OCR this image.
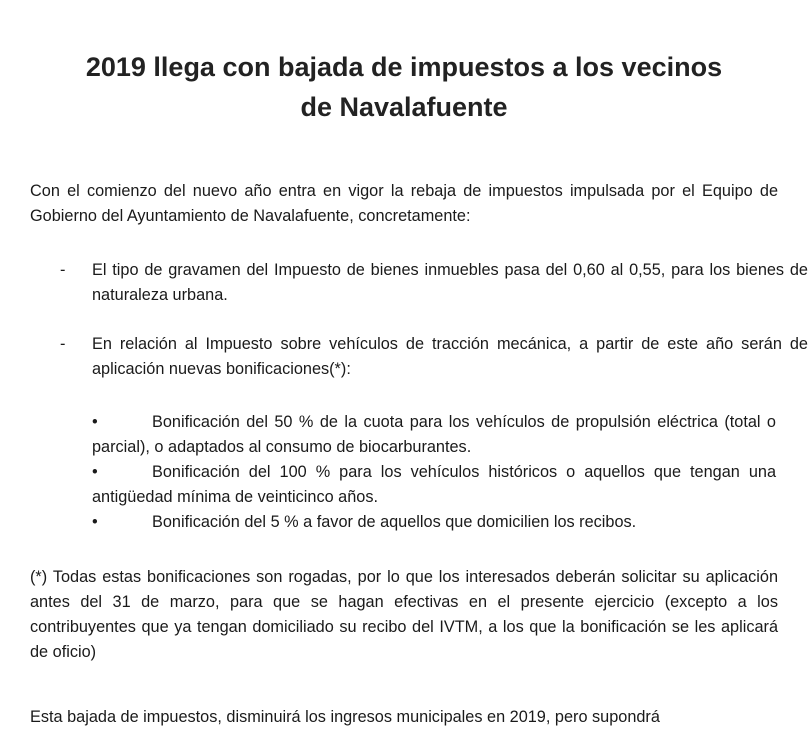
2019 llega con bajada de impuestos a los vecinos
de Navalafuente
Con el comienzo del nuevo año entra en vigor la rebaja de impuestos impulsada por el Equipo de Gobierno del Ayuntamiento de Navalafuente, concretamente:
- El tipo de gravamen del Impuesto de bienes inmuebles pasa del 0,60 al 0,55, para los bienes de naturaleza urbana.
- En relación al Impuesto sobre vehículos de tracción mecánica, a partir de este año serán de aplicación nuevas bonificaciones(*):
•	Bonificación del 50 % de la cuota para los vehículos de propulsión eléctrica (total o parcial), o adaptados al consumo de biocarburantes.
•	Bonificación del 100 % para los vehículos históricos o aquellos que tengan una antigüedad mínima de veinticinco años.
•	Bonificación del 5 % a favor de aquellos que domicilien los recibos.
(*) Todas estas bonificaciones son rogadas, por lo que los interesados deberán solicitar su aplicación antes del 31 de marzo, para que se hagan efectivas en el presente ejercicio (excepto a los contribuyentes que ya tengan domiciliado su recibo del IVTM, a los que la bonificación se les aplicará de oficio)
Esta bajada de impuestos, disminuirá los ingresos municipales en 2019, pero supondrá
